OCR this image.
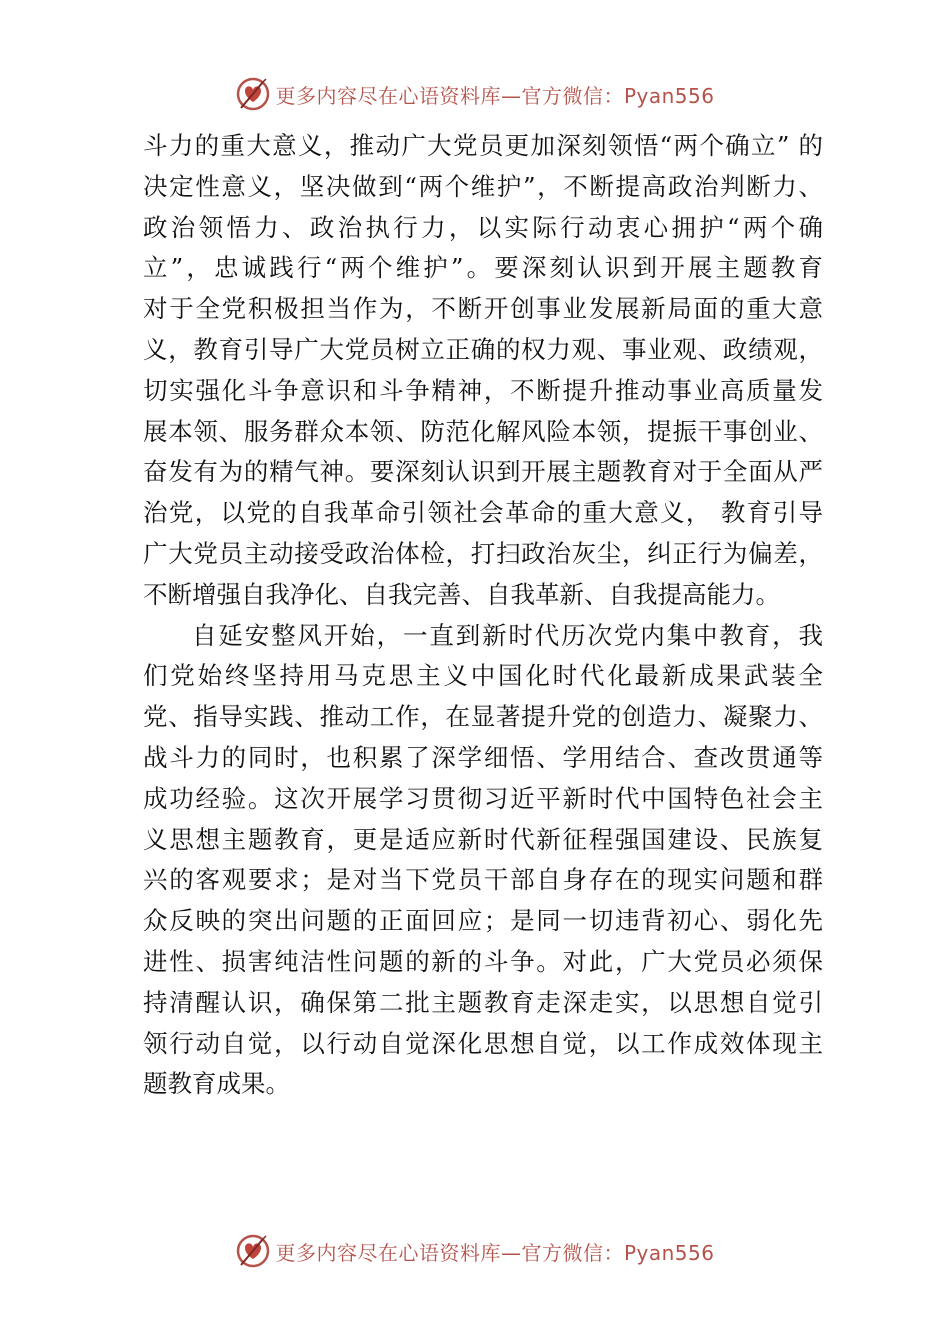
更多内容尽在心语资料库—官方微信：Pyan556
斗力的重大意义，推动广大党员更加深刻领悟“两个确立” 的
决定性意义，坚决做到“两个维护”，不断提高政治判断力、
政治领悟力、政治执行力，以实际行动衷心拥护“两个确
立”，忠诚践行“两个维护”。要深刻认识到开展主题教育
对于全党积极担当作为，不断开创事业发展新局面的重大意
义，教育引导广大党员树立正确的权力观、事业观、政绩观，
切实强化斗争意识和斗争精神，不断提升推动事业高质量发
展本领、服务群众本领、防范化解风险本领，提振干事创业、
奋发有为的精气神。要深刻认识到开展主题教育对于全面从严
治党，以党的自我革命引领社会革命的重大意义， 教育引导
广大党员主动接受政治体检，打扫政治灰尘，纠正行为偏差，
不断增强自我净化、自我完善、自我革新、自我提高能力。
自延安整风开始，一直到新时代历次党内集中教育，我
们党始终坚持用马克思主义中国化时代化最新成果武装全
党、指导实践、推动工作，在显著提升党的创造力、凝聚力、
战斗力的同时，也积累了深学细悟、学用结合、查改贯通等
成功经验。这次开展学习贯彻习近平新时代中国特色社会主
义思想主题教育，更是适应新时代新征程强国建设、民族复
兴的客观要求；是对当下党员干部自身存在的现实问题和群
众反映的突出问题的正面回应；是同一切违背初心、弱化先
进性、损害纯洁性问题的新的斗争。对此，广大党员必须保
持清醒认识，确保第二批主题教育走深走实，以思想自觉引
领行动自觉，以行动自觉深化思想自觉，以工作成效体现主
题教育成果。
更多内容尽在心语资料库—官方微信：Pyan556
